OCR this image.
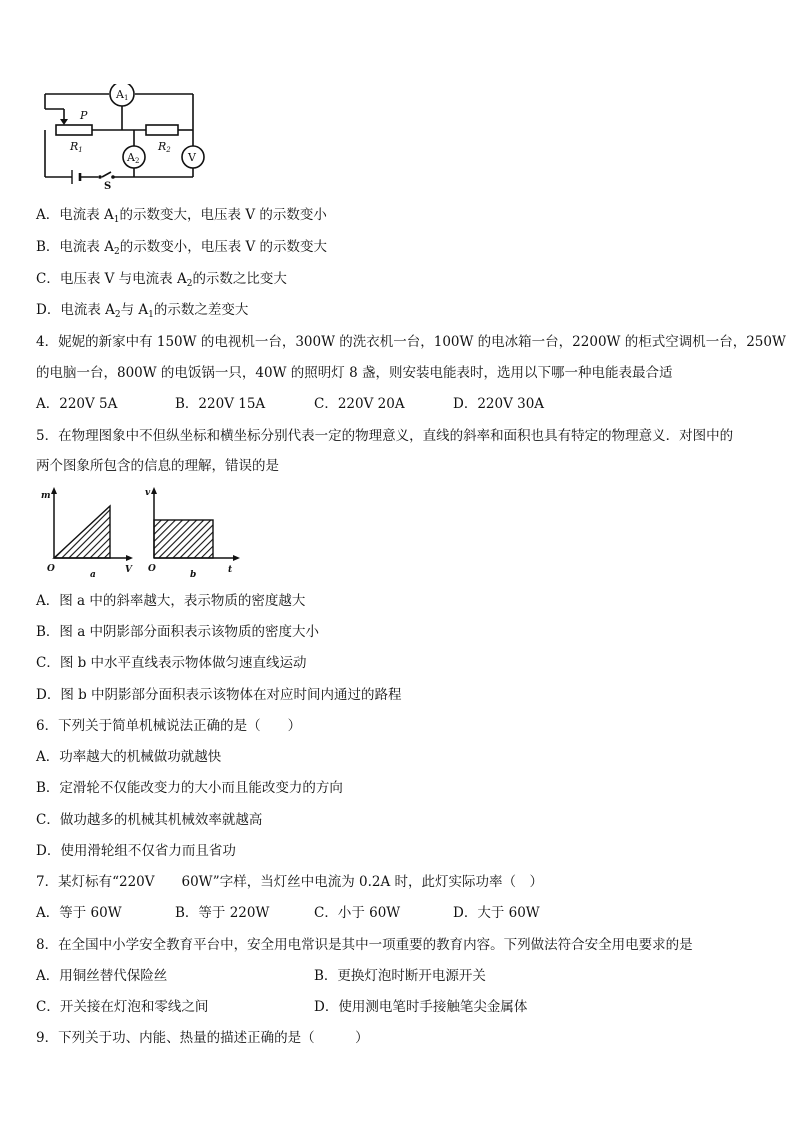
A1
A2	V
P
R1	R2
S
A．电流表 $A_1$的示数变大，电压表 V 的示数变小
B．电流表 $A_2$的示数变小，电压表 V 的示数变大
C．电压表 V 与电流表 $A_2$的示数之比变大
D．电流表 $A_2$与 $A_1$的示数之差变大
4．妮妮的新家中有 150W 的电视机一台，300W 的洗衣机一台，100W 的电冰箱一台，2200W 的柜式空调机一台，250W
的电脑一台，800W 的电饭锅一只，40W 的照明灯 8 盏，则安装电能表时，选用以下哪一种电能表最合适
A．220V 5A	B．220V 15A	C．220V 20A	D．220V 30A
5．在物理图象中不但纵坐标和横坐标分别代表一定的物理意义，直线的斜率和面积也具有特定的物理意义．对图中的
两个图象所包含的信息的理解，错误的是
m
O	V
a
v
O	t
b
A．图 a 中的斜率越大，表示物质的密度越大
B．图 a 中阴影部分面积表示该物质的密度大小
C．图 b 中水平直线表示物体做匀速直线运动
D．图 b 中阴影部分面积表示该物体在对应时间内通过的路程
6．下列关于简单机械说法正确的是（　　）
A．功率越大的机械做功就越快
B．定滑轮不仅能改变力的大小而且能改变力的方向
C．做功越多的机械其机械效率就越高
D．使用滑轮组不仅省力而且省功
7．某灯标有“220V　　60W”字样，当灯丝中电流为 0.2A 时，此灯实际功率（　）
A．等于 60W	B．等于 220W	C．小于 60W	D．大于 60W
8．在全国中小学安全教育平台中，安全用电常识是其中一项重要的教育内容。下列做法符合安全用电要求的是
A．用铜丝替代保险丝	B．更换灯泡时断开电源开关
C．开关接在灯泡和零线之间	D．使用测电笔时手接触笔尖金属体
9．下列关于功、内能、热量的描述正确的是（　　　）
